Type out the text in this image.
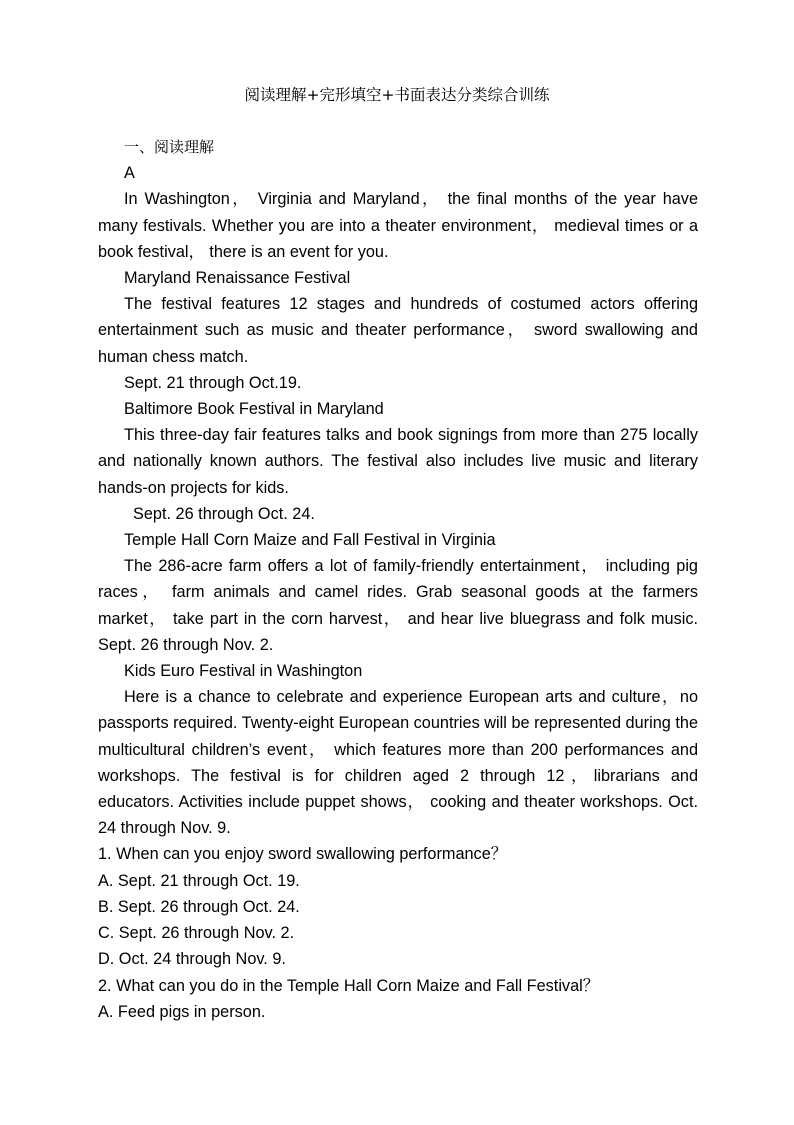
阅读理解+完形填空+书面表达分类综合训练

一、阅读理解

A

In Washington， Virginia and Maryland， the final months of the year have many festivals. Whether you are into a theater environment， medieval times or a book festival， there is an event for you.

Maryland Renaissance Festival

The festival features 12 stages and hundreds of costumed actors offering entertainment such as music and theater performance， sword swallowing and human chess match.

Sept. 21 through Oct.19.

Baltimore Book Festival in Maryland

This three-day fair features talks and book signings from more than 275 locally and nationally known authors. The festival also includes live music and literary hands-on projects for kids.

Sept. 26 through Oct. 24.

Temple Hall Corn Maize and Fall Festival in Virginia

The 286-acre farm offers a lot of family-friendly entertainment， including pig races， farm animals and camel rides. Grab seasonal goods at the farmers market， take part in the corn harvest， and hear live bluegrass and folk music. Sept. 26 through Nov. 2.

Kids Euro Festival in Washington

Here is a chance to celebrate and experience European arts and culture，no passports required. Twenty-eight European countries will be represented during the multicultural children’s event， which features more than 200 performances and workshops. The festival is for children aged 2 through 12，librarians and educators. Activities include puppet shows， cooking and theater workshops. Oct. 24 through Nov. 9.

1. When can you enjoy sword swallowing performance？

A. Sept. 21 through Oct. 19.

B. Sept. 26 through Oct. 24.

C. Sept. 26 through Nov. 2.

D. Oct. 24 through Nov. 9.

2. What can you do in the Temple Hall Corn Maize and Fall Festival？

A. Feed pigs in person.
